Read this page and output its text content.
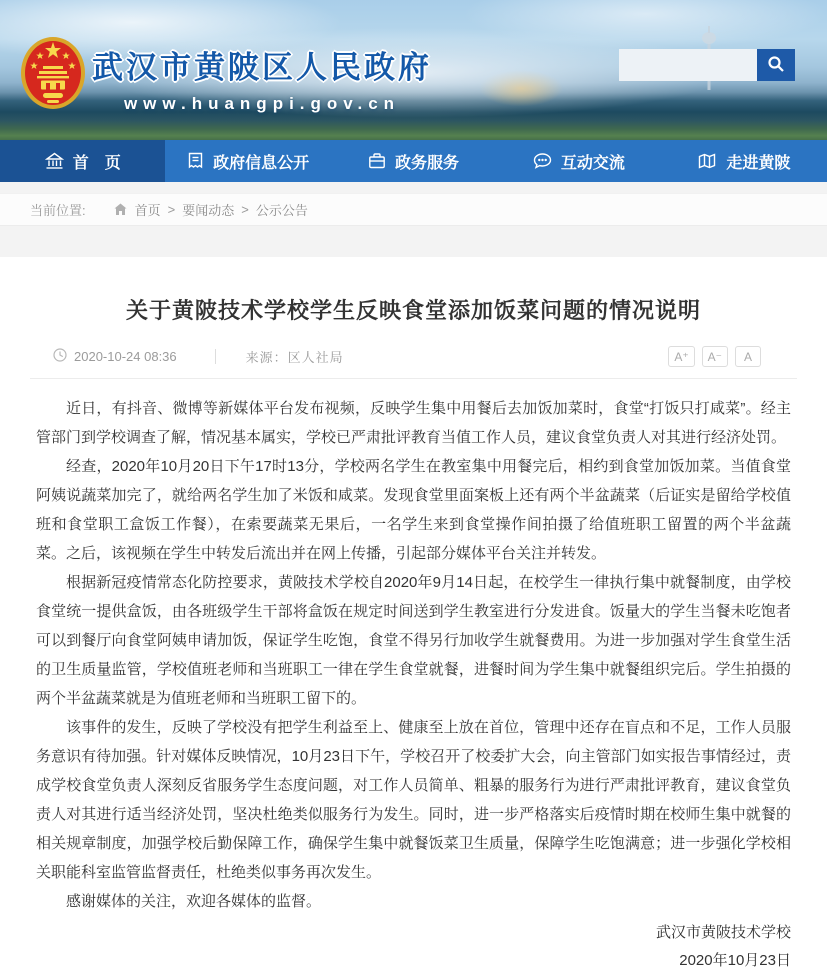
武汉市黄陂区人民政府
www.huangpi.gov.cn
首　页	政府信息公开	政务服务	互动交流	走进黄陂
当前位置:	首页 > 要闻动态 > 公示公告
关于黄陂技术学校学生反映食堂添加饭菜问题的情况说明
2020-10-24 08:36	来源： 区人社局	A⁺	A⁻	A

近日，有抖音、微博等新媒体平台发布视频，反映学生集中用餐后去加饭加菜时，食堂“打饭只打咸菜”。经主管部门到学校调查了解，情况基本属实，学校已严肃批评教育当值工作人员，建议食堂负责人对其进行经济处罚。

经查，2020年10月20日下午17时13分，学校两名学生在教室集中用餐完后，相约到食堂加饭加菜。当值食堂阿姨说蔬菜加完了，就给两名学生加了米饭和咸菜。发现食堂里面案板上还有两个半盆蔬菜（后证实是留给学校值班和食堂职工盒饭工作餐），在索要蔬菜无果后，一名学生来到食堂操作间拍摄了给值班职工留置的两个半盆蔬菜。之后，该视频在学生中转发后流出并在网上传播，引起部分媒体平台关注并转发。

根据新冠疫情常态化防控要求，黄陂技术学校自2020年9月14日起，在校学生一律执行集中就餐制度，由学校食堂统一提供盒饭，由各班级学生干部将盒饭在规定时间送到学生教室进行分发进食。饭量大的学生当餐未吃饱者可以到餐厅向食堂阿姨申请加饭，保证学生吃饱，食堂不得另行加收学生就餐费用。为进一步加强对学生食堂生活的卫生质量监管，学校值班老师和当班职工一律在学生食堂就餐，进餐时间为学生集中就餐组织完后。学生拍摄的两个半盆蔬菜就是为值班老师和当班职工留下的。

该事件的发生，反映了学校没有把学生利益至上、健康至上放在首位，管理中还存在盲点和不足，工作人员服务意识有待加强。针对媒体反映情况，10月23日下午，学校召开了校委扩大会，向主管部门如实报告事情经过，责成学校食堂负责人深刻反省服务学生态度问题，对工作人员简单、粗暴的服务行为进行严肃批评教育，建议食堂负责人对其进行适当经济处罚，坚决杜绝类似服务行为发生。同时，进一步严格落实后疫情时期在校师生集中就餐的相关规章制度，加强学校后勤保障工作，确保学生集中就餐饭菜卫生质量，保障学生吃饱满意；进一步强化学校相关职能科室监管监督责任，杜绝类似事务再次发生。

感谢媒体的关注，欢迎各媒体的监督。

武汉市黄陂技术学校
2020年10月23日
